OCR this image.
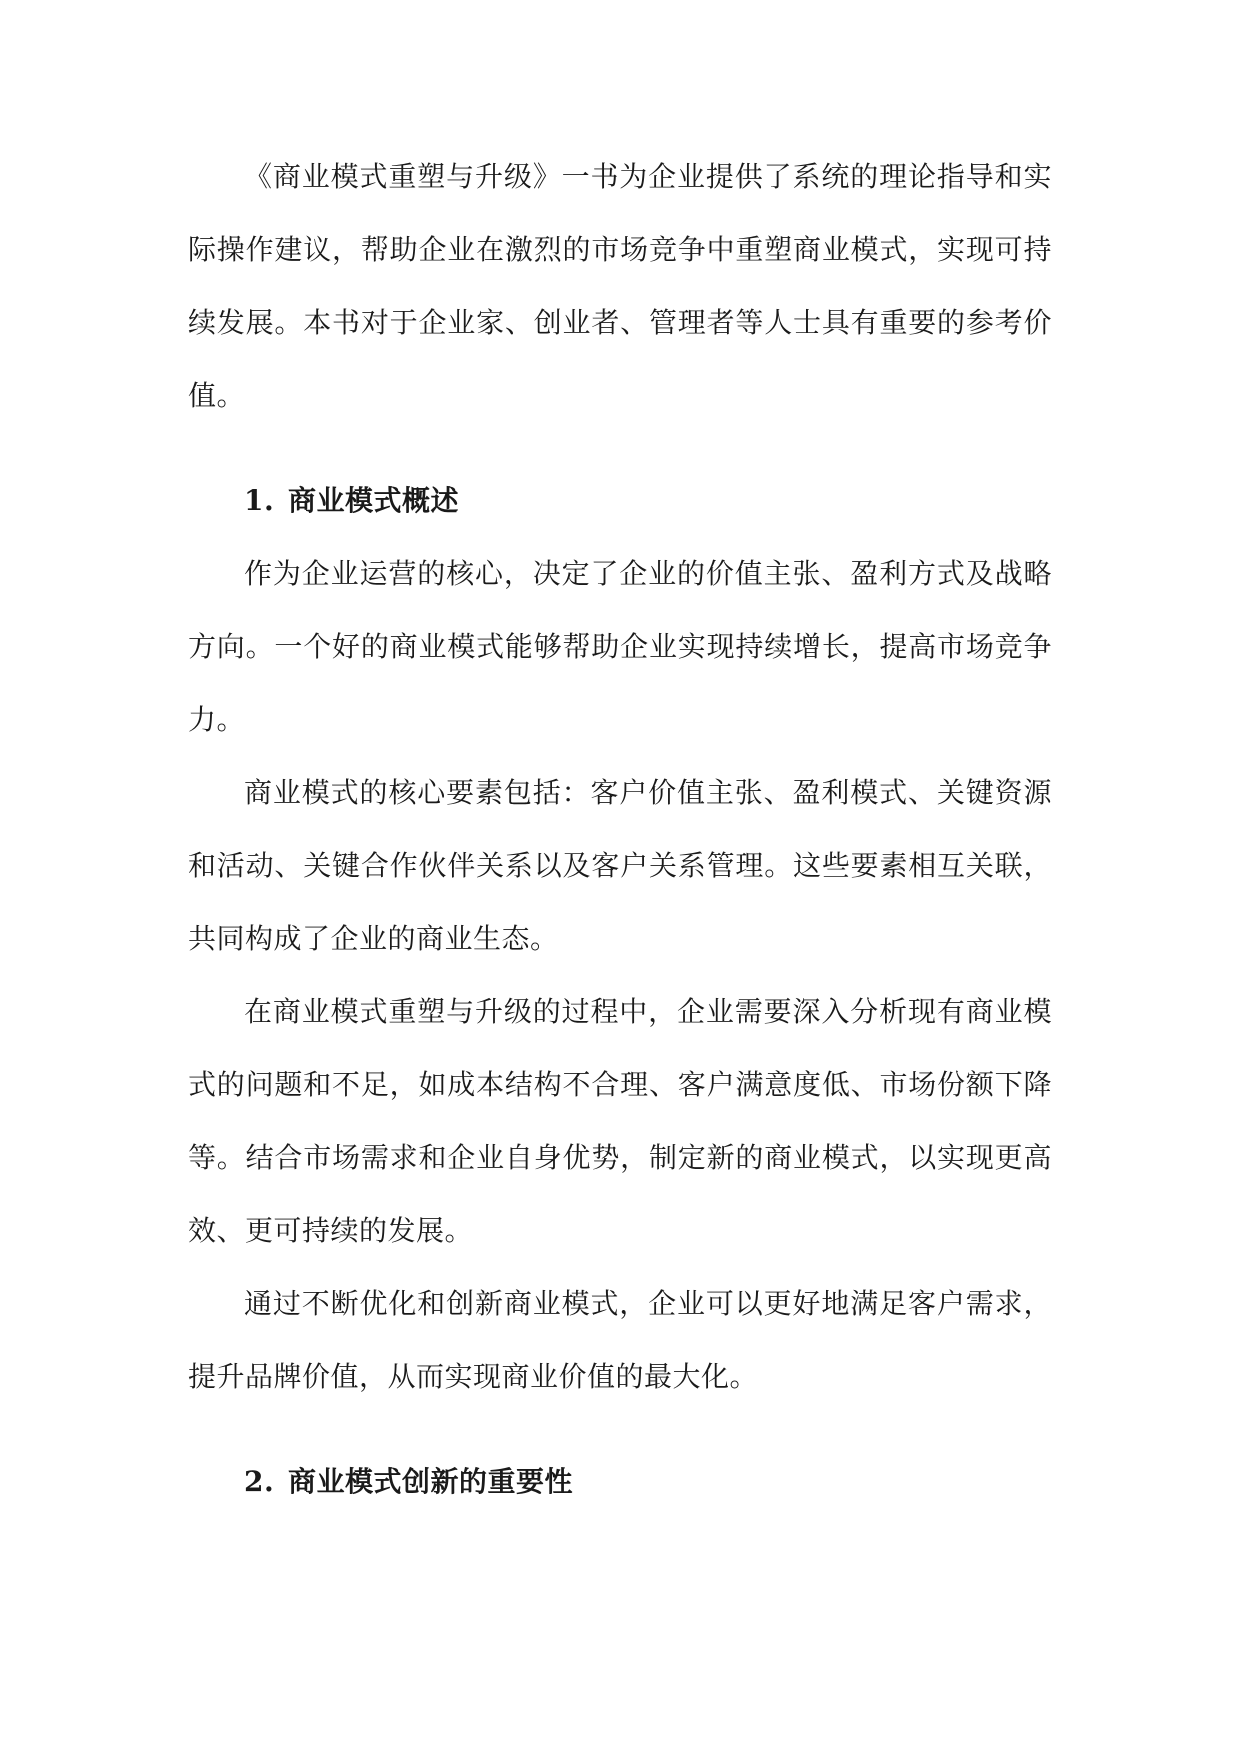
《商业模式重塑与升级》一书为企业提供了系统的理论指导和实际操作建议，帮助企业在激烈的市场竞争中重塑商业模式，实现可持续发展。本书对于企业家、创业者、管理者等人士具有重要的参考价值。

1. 商业模式概述

作为企业运营的核心，决定了企业的价值主张、盈利方式及战略方向。一个好的商业模式能够帮助企业实现持续增长，提高市场竞争力。

商业模式的核心要素包括：客户价值主张、盈利模式、关键资源和活动、关键合作伙伴关系以及客户关系管理。这些要素相互关联，共同构成了企业的商业生态。

在商业模式重塑与升级的过程中，企业需要深入分析现有商业模式的问题和不足，如成本结构不合理、客户满意度低、市场份额下降等。结合市场需求和企业自身优势，制定新的商业模式，以实现更高效、更可持续的发展。

通过不断优化和创新商业模式，企业可以更好地满足客户需求，提升品牌价值，从而实现商业价值的最大化。

2. 商业模式创新的重要性
